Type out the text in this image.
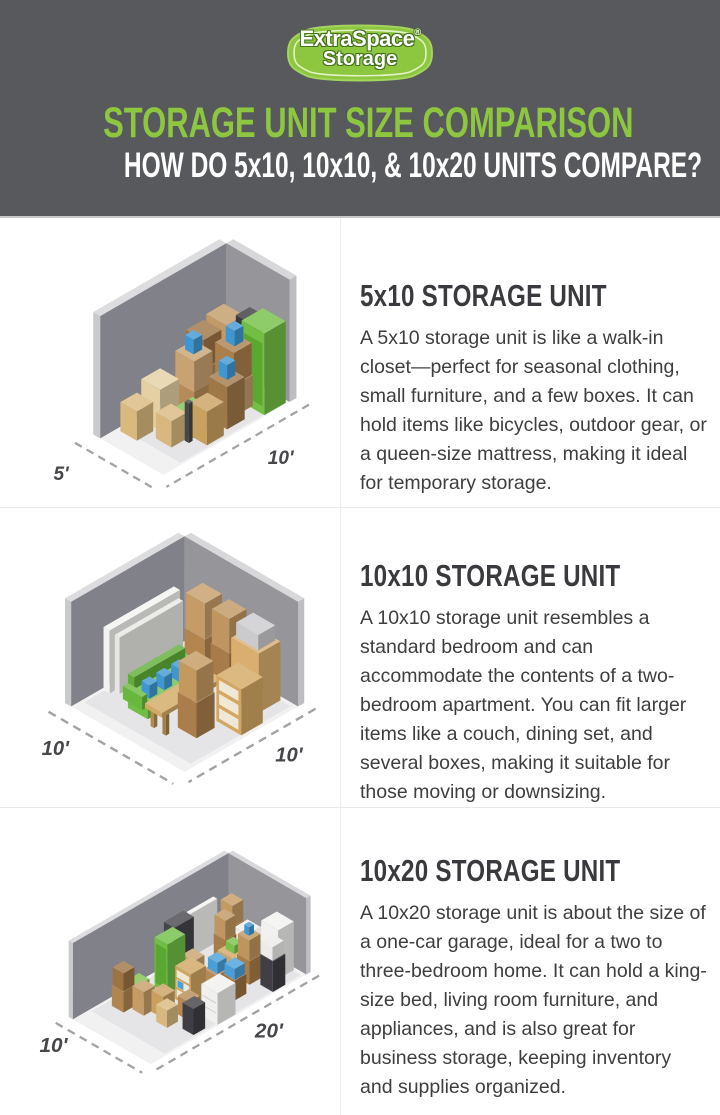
ExtraSpace®
Storage
STORAGE UNIT SIZE COMPARISON
HOW DO 5x10, 10x10, & 10x20 UNITS COMPARE?
5'
10'
5x10 STORAGE UNIT

A 5x10 storage unit is like a walk-in closet—perfect for seasonal clothing, small furniture, and a few boxes. It can hold items like bicycles, outdoor gear, or a queen-size mattress, making it ideal for temporary storage.

10'	10'
10x10 STORAGE UNIT

A 10x10 storage unit resembles a standard bedroom and can accommodate the contents of a two-bedroom apartment. You can fit larger items like a couch, dining set, and several boxes, making it suitable for those moving or downsizing.

10'
20'
10x20 STORAGE UNIT

A 10x20 storage unit is about the size of a one-car garage, ideal for a two to three-bedroom home. It can hold a king-size bed, living room furniture, and appliances, and is also great for business storage, keeping inventory and supplies organized.
